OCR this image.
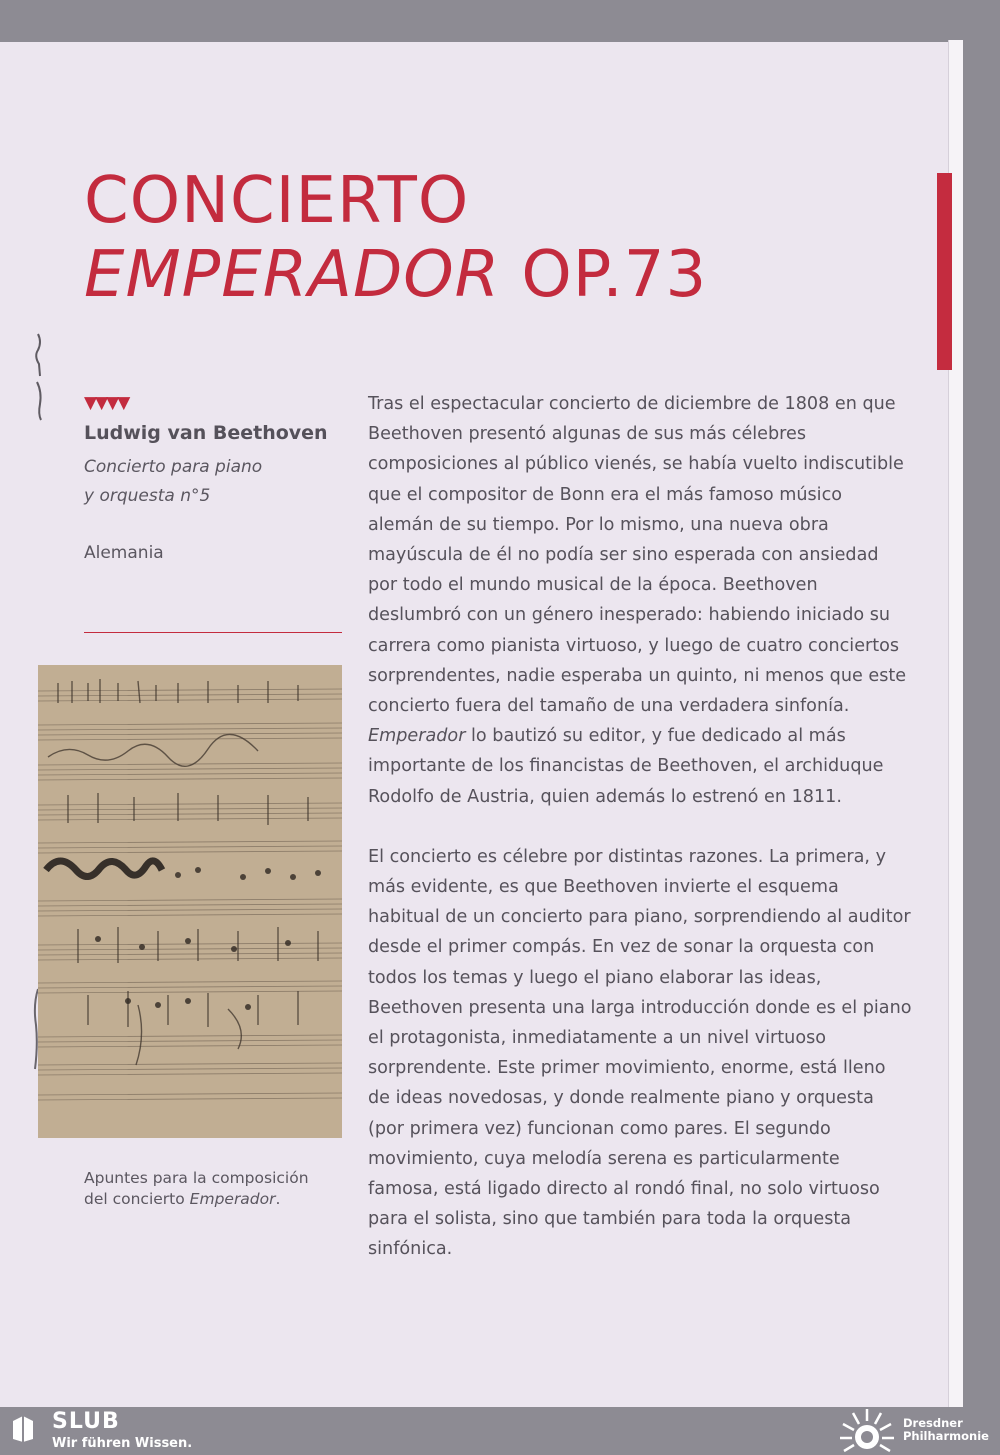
CONCIERTO
EMPERADOR OP.73
▼▼▼▼
Ludwig van Beethoven
Concierto para piano
y orquesta n°5
Alemania
Apuntes para la composición del concierto Emperador.

Tras el espectacular concierto de diciembre de 1808 en que Beethoven presentó algunas de sus más célebres composiciones al público vienés, se había vuelto indiscutible que el compositor de Bonn era el más famoso músico alemán de su tiempo. Por lo mismo, una nueva obra mayúscula de él no podía ser sino esperada con ansiedad por todo el mundo musical de la época. Beethoven deslumbró con un género inesperado: habiendo iniciado su carrera como pianista virtuoso, y luego de cuatro conciertos sorprendentes, nadie esperaba un quinto, ni menos que este concierto fuera del tamaño de una verdadera sinfonía. Emperador lo bautizó su editor, y fue dedicado al más importante de los financistas de Beethoven, el archiduque Rodolfo de Austria, quien además lo estrenó en 1811.

El concierto es célebre por distintas razones. La primera, y más evidente, es que Beethoven invierte el esquema habitual de un concierto para piano, sorprendiendo al auditor desde el primer compás. En vez de sonar la orquesta con todos los temas y luego el piano elaborar las ideas, Beethoven presenta una larga introducción donde es el piano el protagonista, inmediatamente a un nivel virtuoso sorprendente. Este primer movimiento, enorme, está lleno de ideas novedosas, y donde realmente piano y orquesta (por primera vez) funcionan como pares. El segundo movimiento, cuya melodía serena es particularmente famosa, está ligado directo al rondó final, no solo virtuoso para el solista, sino que también para toda la orquesta sinfónica.

SLUB
Wir führen Wissen.
Dresdner
Philharmonie
